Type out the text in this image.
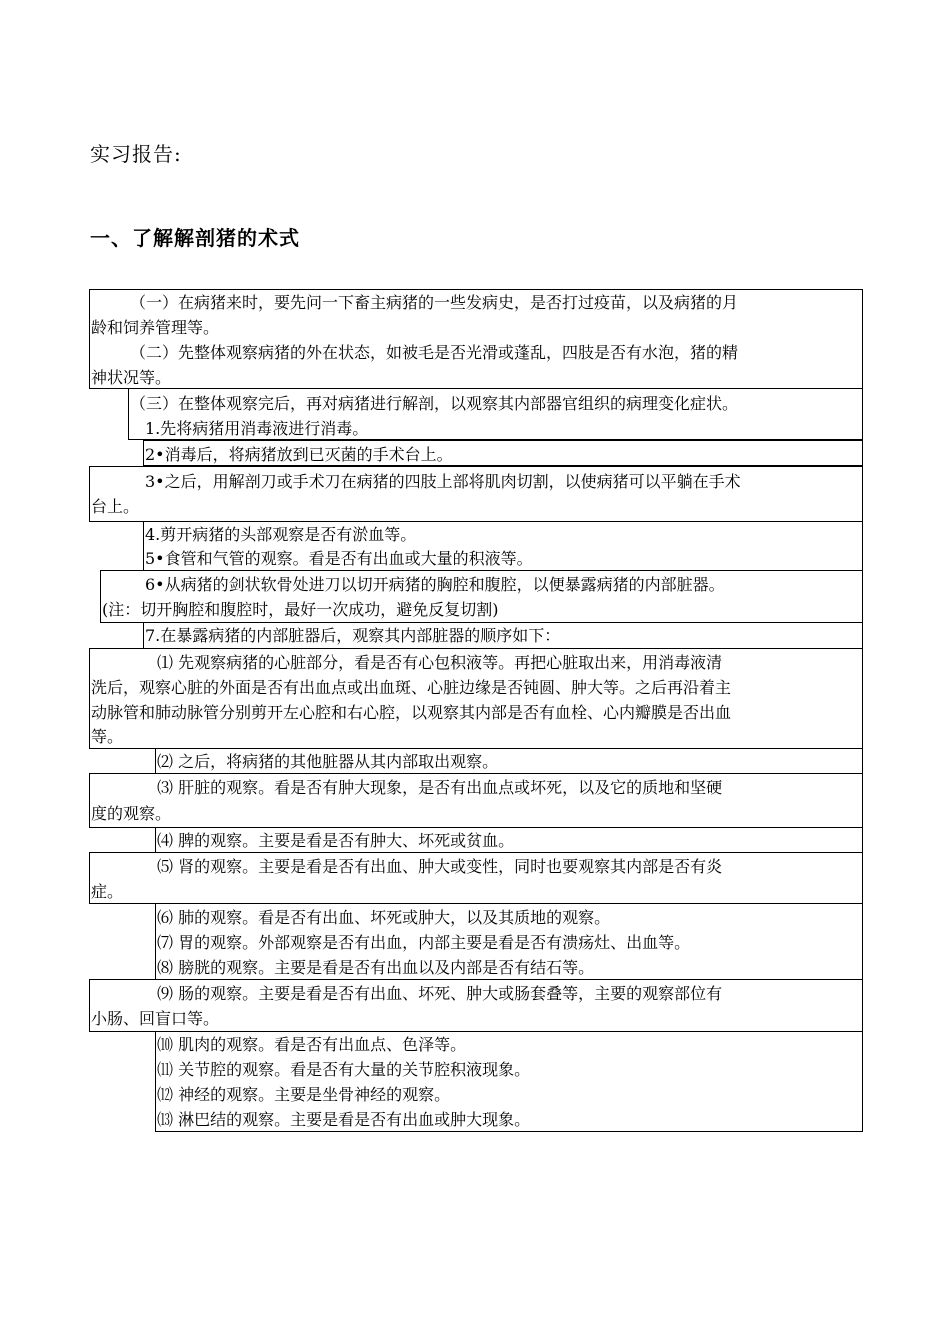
实习报告:
一、了解解剖猪的术式
（一）在病猪来时，要先问一下畜主病猪的一些发病史，是否打过疫苗，以及病猪的月
龄和饲养管理等。
（二）先整体观察病猪的外在状态，如被毛是否光滑或蓬乱，四肢是否有水泡，猪的精
神状况等。
（三）在整体观察完后，再对病猪进行解剖，以观察其内部器官组织的病理变化症状。
1.先将病猪用消毒液进行消毒。
2•消毒后，将病猪放到已灭菌的手术台上。
3•之后，用解剖刀或手术刀在病猪的四肢上部将肌肉切割，以使病猪可以平躺在手术
台上。
4.剪开病猪的头部观察是否有淤血等。
5•食管和气管的观察。看是否有出血或大量的积液等。
6•从病猪的剑状软骨处进刀以切开病猪的胸腔和腹腔，以便暴露病猪的内部脏器。
(注：切开胸腔和腹腔时，最好一次成功，避免反复切割)
7.在暴露病猪的内部脏器后，观察其内部脏器的顺序如下：
⑴ 先观察病猪的心脏部分，看是否有心包积液等。再把心脏取出来，用消毒液清
洗后，观察心脏的外面是否有出血点或出血斑、心脏边缘是否钝圆、肿大等。之后再沿着主
动脉管和肺动脉管分别剪开左心腔和右心腔，以观察其内部是否有血栓、心内瓣膜是否出血
等。
⑵ 之后，将病猪的其他脏器从其内部取出观察。
⑶ 肝脏的观察。看是否有肿大现象，是否有出血点或坏死，以及它的质地和坚硬
度的观察。
⑷ 脾的观察。主要是看是否有肿大、坏死或贫血。
⑸ 肾的观察。主要是看是否有出血、肿大或变性，同时也要观察其内部是否有炎
症。
⑹ 肺的观察。看是否有出血、坏死或肿大，以及其质地的观察。
⑺ 胃的观察。外部观察是否有出血，内部主要是看是否有溃疡灶、出血等。
⑻ 膀胱的观察。主要是看是否有出血以及内部是否有结石等。
⑼ 肠的观察。主要是看是否有出血、坏死、肿大或肠套叠等，主要的观察部位有
小肠、回盲口等。
⑽ 肌肉的观察。看是否有出血点、色泽等。
⑾ 关节腔的观察。看是否有大量的关节腔积液现象。
⑿ 神经的观察。主要是坐骨神经的观察。
⒀ 淋巴结的观察。主要是看是否有出血或肿大现象。
